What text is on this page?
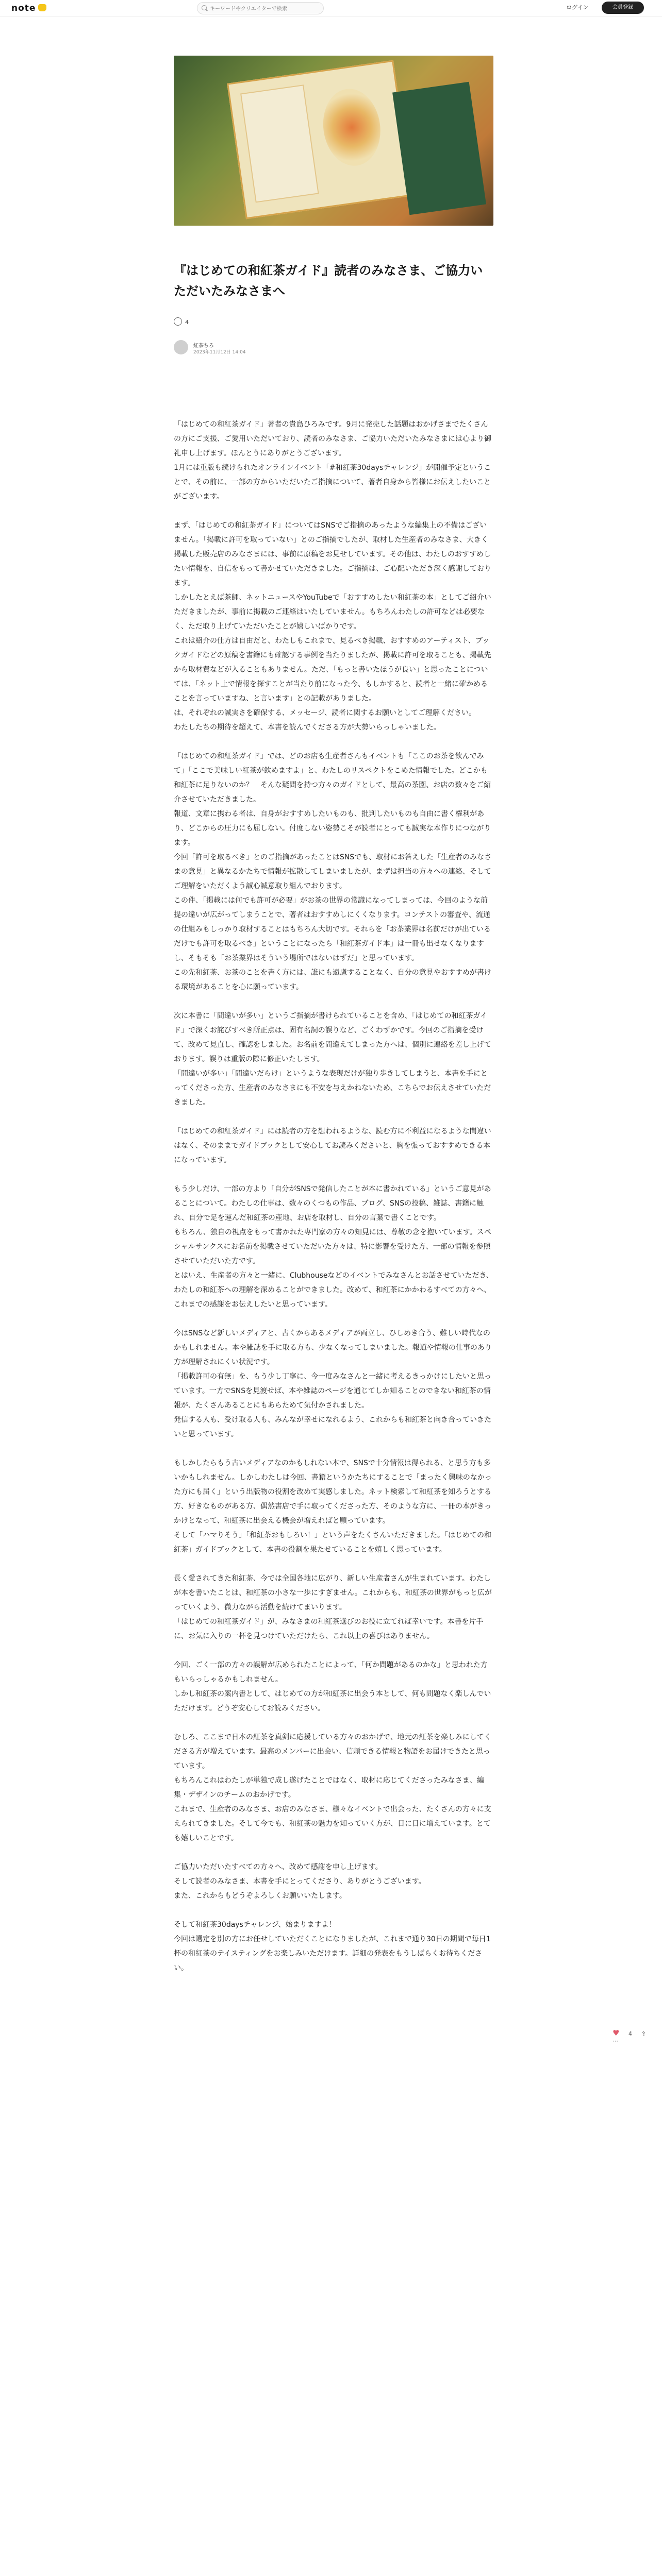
note
キーワードやクリエイターで検索	ログイン	会員登録
『はじめての和紅茶ガイド』読者のみなさま、ご協力いただいたみなさまへ
4
紅茶ちろ
2023年11月12日 14:04

「はじめての和紅茶ガイド」著者の貴島ひろみです。9月に発売した話題はおかげさまでたくさんの方にご支援、ご愛用いただいており、読者のみなさま、ご協力いただいたみなさまには心より御礼申し上げます。ほんとうにありがとうございます。
1月には重版も続けられたオンラインイベント「#和紅茶30daysチャレンジ」が開催予定ということで、その前に、一部の方からいただいたご指摘について、著者自身から皆様にお伝えしたいことがございます。

まず、「はじめての和紅茶ガイド」についてはSNSでご指摘のあったような編集上の不備はございません。「掲載に許可を取っていない」とのご指摘でしたが、取材した生産者のみなさま、大きく掲載した販売店のみなさまには、事前に原稿をお見せしています。その他は、わたしのおすすめしたい情報を、自信をもって書かせていただきました。ご指摘は、ご心配いただき深く感謝しております。
しかしたとえば茶師、ネットニュースやYouTubeで「おすすめしたい和紅茶の本」としてご紹介いただきましたが、事前に掲載のご連絡はいたしていません。もちろんわたしの許可などは必要なく、ただ取り上げていただいたことが嬉しいばかりです。
これは紹介の仕方は自由だと、わたしもこれまで、見るべき掲載、おすすめのアーティスト、ブックガイドなどの原稿を書籍にも確認する事例を当たりましたが、掲載に許可を取ることも、掲載先から取材費などが入ることもありません。ただ、「もっと書いたほうが良い」と思ったことについては、「ネット上で情報を探すことが当たり前になった今、もしかすると、読者と一緒に確かめることを言っていますね、と言います」との記載がありました。
は、それぞれの誠実さを確保する、メッセージ、読者に関するお願いとしてご理解ください。
わたしたちの期待を超えて、本書を読んでくださる方が大勢いらっしゃいました。

「はじめての和紅茶ガイド」では、どのお店も生産者さんもイベントも「ここのお茶を飲んでみて」「ここで美味しい紅茶が飲めますよ」と、わたしのリスペクトをこめた情報でした。どこかも和紅茶に足りないのか？　そんな疑問を持つ方々のガイドとして、最高の茶園、お店の数々をご紹介させていただきました。
報道、文章に携わる者は、自身がおすすめしたいものも、批判したいものも自由に書く権利があり、どこからの圧力にも屈しない。付度しない姿勢こそが読者にとっても誠実な本作りにつながります。
今回「許可を取るべき」とのご指摘があったことはSNSでも、取材にお答えした「生産者のみなさまの意見」と異なるかたちで情報が拡散してしまいましたが、まずは担当の方々への連絡、そしてご理解をいただくよう誠心誠意取り組んでおります。
この件、「掲載には何でも許可が必要」がお茶の世界の常識になってしまっては、今回のような前提の違いが広がってしまうことで、著者はおすすめしにくくなります。コンテストの審査や、流通の仕組みもしっかり取材することはもちろん大切です。それらを「お茶業界は名前だけが出ているだけでも許可を取るべき」ということになったら「和紅茶ガイド本」は一冊も出せなくなりますし、そもそも「お茶業界はそういう場所ではないはずだ」と思っています。
この先和紅茶、お茶のことを書く方には、誰にも遠慮することなく、自分の意見やおすすめが書ける環境があることを心に願っています。

次に本書に「間違いが多い」というご指摘が書けられていることを含め、「はじめての和紅茶ガイド」で深くお詫びすべき所正点は、固有名詞の誤りなど、ごくわずかです。今回のご指摘を受けて、改めて見直し、確認をしました。お名前を間違えてしまった方へは、個別に連絡を差し上げております。誤りは重版の際に修正いたします。
「間違いが多い」「間違いだらけ」というような表現だけが独り歩きしてしまうと、本書を手にとってくださった方、生産者のみなさまにも不安を与えかねないため、こちらでお伝えさせていただきました。

「はじめての和紅茶ガイド」には読者の方を想われるような、読む方に不利益になるような間違いはなく、そのままでガイドブックとして安心してお読みくださいと、胸を張っておすすめできる本になっています。

もう少しだけ、一部の方より「自分がSNSで発信したことが本に書かれている」というご意見があることについて。わたしの仕事は、数々のくつもの作品、ブログ、SNSの投稿、雑誌、書籍に触れ、自分で足を運んだ和紅茶の産地、お店を取材し、自分の言葉で書くことです。
もちろん、独自の視点をもって書かれた専門家の方々の知見には、尊敬の念を抱いています。スペシャルサンクスにお名前を掲載させていただいた方々は、特に影響を受けた方、一部の情報を参照させていただいた方です。
とはいえ、生産者の方々と一緒に、Clubhouseなどのイベントでみなさんとお話させていただき、わたしの和紅茶への理解を深めることができました。改めて、和紅茶にかかわるすべての方々へ、これまでの感謝をお伝えしたいと思っています。

今はSNSなど新しいメディアと、古くからあるメディアが両立し、ひしめき合う、難しい時代なのかもしれません。本や雑誌を手に取る方も、少なくなってしまいました。報道や情報の仕事のあり方が理解されにくい状況です。
「掲載許可の有無」を、もう少し丁寧に、今一度みなさんと一緒に考えるきっかけにしたいと思っています。一方でSNSを見渡せば、本や雑誌のページを通じてしか知ることのできない和紅茶の情報が、たくさんあることにもあらためて気付かされました。
発信する人も、受け取る人も、みんなが幸せになれるよう、これからも和紅茶と向き合っていきたいと思っています。

もしかしたらもう古いメディアなのかもしれない本で、SNSで十分情報は得られる、と思う方も多いかもしれません。しかしわたしは今回、書籍というかたちにすることで「まったく興味のなかった方にも届く」という出版物の役割を改めて実感しました。ネット検索して和紅茶を知ろうとする方、好きなものがある方、偶然書店で手に取ってくださった方、そのような方に、一冊の本がきっかけとなって、和紅茶に出会える機会が増えればと願っています。
そして「ハマりそう」「和紅茶おもしろい！」という声をたくさんいただきました。「はじめての和紅茶」ガイドブックとして、本書の役割を果たせていることを嬉しく思っています。

長く愛されてきた和紅茶、今では全国各地に広がり、新しい生産者さんが生まれています。わたしが本を書いたことは、和紅茶の小さな一歩にすぎません。これからも、和紅茶の世界がもっと広がっていくよう、微力ながら活動を続けてまいります。
「はじめての和紅茶ガイド」が、みなさまの和紅茶選びのお役に立てれば幸いです。本書を片手に、お気に入りの一杯を見つけていただけたら、これ以上の喜びはありません。

今回、ごく一部の方々の誤解が広められたことによって、「何か問題があるのかな」と思われた方もいらっしゃるかもしれません。
しかし和紅茶の案内書として、はじめての方が和紅茶に出会う本として、何も問題なく楽しんでいただけます。どうぞ安心してお読みください。

むしろ、ここまで日本の紅茶を真剣に応援している方々のおかげで、地元の紅茶を楽しみにしてくださる方が増えています。最高のメンバーに出会い、信頼できる情報と物語をお届けできたと思っています。
もちろんこれはわたしが単独で成し遂げたことではなく、取材に応じてくださったみなさま、編集・デザインのチームのおかげです。
これまで、生産者のみなさま、お店のみなさま、様々なイベントで出会った、たくさんの方々に支えられてきました。そして今でも、和紅茶の魅力を知っていく方が、日に日に増えています。とても嬉しいことです。

ご協力いただいたすべての方々へ、改めて感謝を申し上げます。
そして読者のみなさま、本書を手にとってくださり、ありがとうございます。
また、これからもどうぞよろしくお願いいたします。

そして和紅茶30daysチャレンジ、始まりますよ！
今回は選定を別の方にお任せしていただくことになりましたが、これまで通り30日の期間で毎日1杯の和紅茶のテイスティングをお楽しみいただけます。詳細の発表をもうしばらくお待ちください。

♥ 4 ⇪ ⋯
